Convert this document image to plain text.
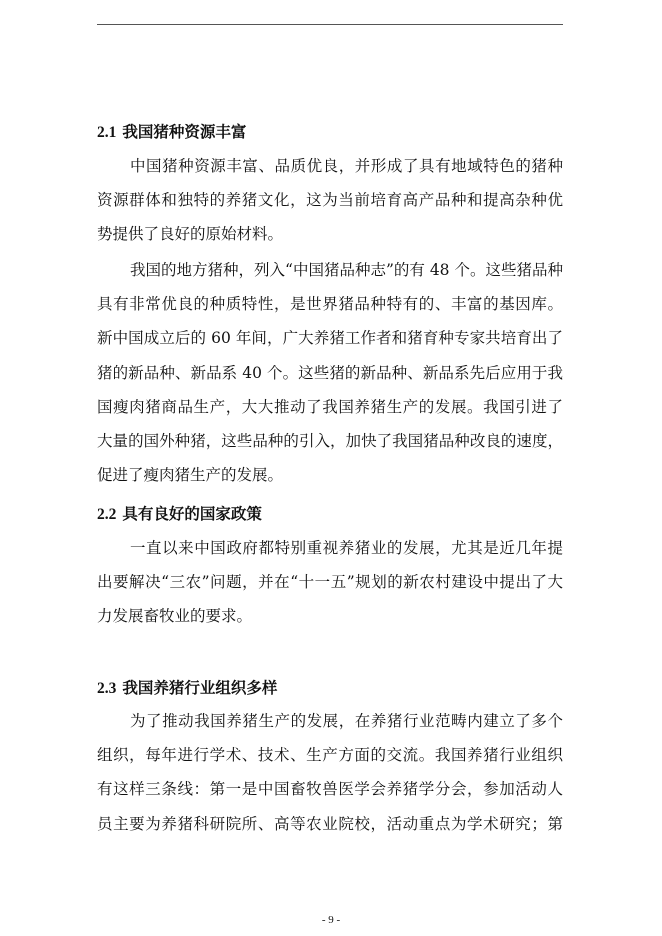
2.1 我国猪种资源丰富

中国猪种资源丰富、品质优良，并形成了具有地域特色的猪种
资源群体和独特的养猪文化，这为当前培育高产品种和提高杂种优
势提供了良好的原始材料。

我国的地方猪种，列入“中国猪品种志”的有 48 个。这些猪品种
具有非常优良的种质特性，是世界猪品种特有的、丰富的基因库。
新中国成立后的 60 年间，广大养猪工作者和猪育种专家共培育出了
猪的新品种、新品系 40 个。这些猪的新品种、新品系先后应用于我
国瘦肉猪商品生产，大大推动了我国养猪生产的发展。我国引进了
大量的国外种猪，这些品种的引入，加快了我国猪品种改良的速度，
促进了瘦肉猪生产的发展。

2.2 具有良好的国家政策

一直以来中国政府都特别重视养猪业的发展，尤其是近几年提
出要解决“三农”问题，并在“十一五”规划的新农村建设中提出了大
力发展畜牧业的要求。

2.3 我国养猪行业组织多样

为了推动我国养猪生产的发展，在养猪行业范畴内建立了多个
组织，每年进行学术、技术、生产方面的交流。我国养猪行业组织
有这样三条线：第一是中国畜牧兽医学会养猪学分会，参加活动人
员主要为养猪科研院所、高等农业院校，活动重点为学术研究；第

- 9 -
